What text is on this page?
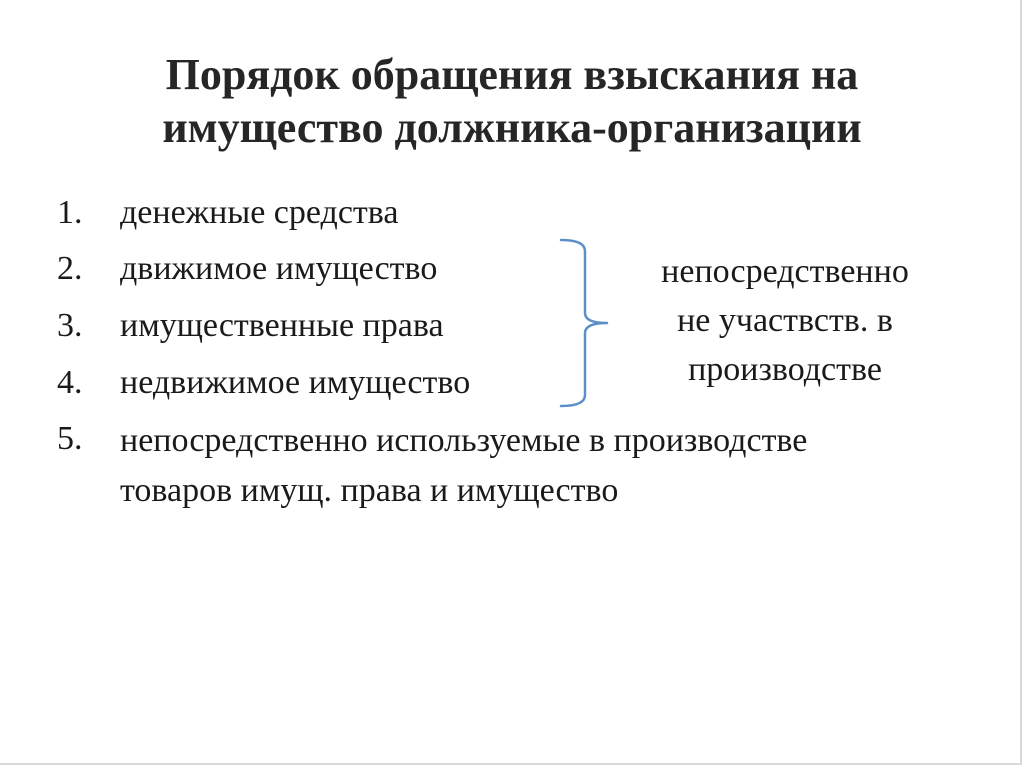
Порядок обращения взыскания на
имущество должника-организации
1.	денежные средства
2.	движимое имущество
3.	имущественные права
4.	недвижимое имущество
5.	непосредственно используемые в производстве
товаров имущ. права и имущество
непосредственно
не участвств. в
производстве
